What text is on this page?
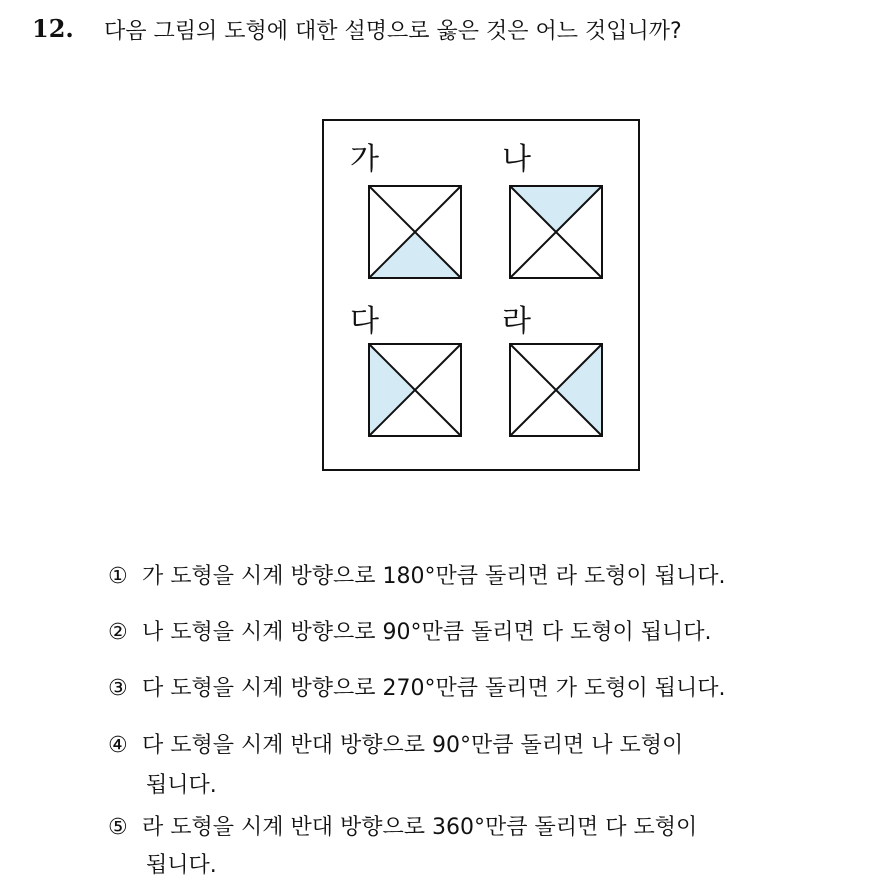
12. 다음 그림의 도형에 대한 설명으로 옳은 것은 어느 것입니까?
가	나
다	라
① 가 도형을 시계 방향으로 180°만큼 돌리면 라 도형이 됩니다.
② 나 도형을 시계 방향으로 90°만큼 돌리면 다 도형이 됩니다.
③ 다 도형을 시계 방향으로 270°만큼 돌리면 가 도형이 됩니다.
④ 다 도형을 시계 반대 방향으로 90°만큼 돌리면 나 도형이
됩니다.
⑤ 라 도형을 시계 반대 방향으로 360°만큼 돌리면 다 도형이
됩니다.
